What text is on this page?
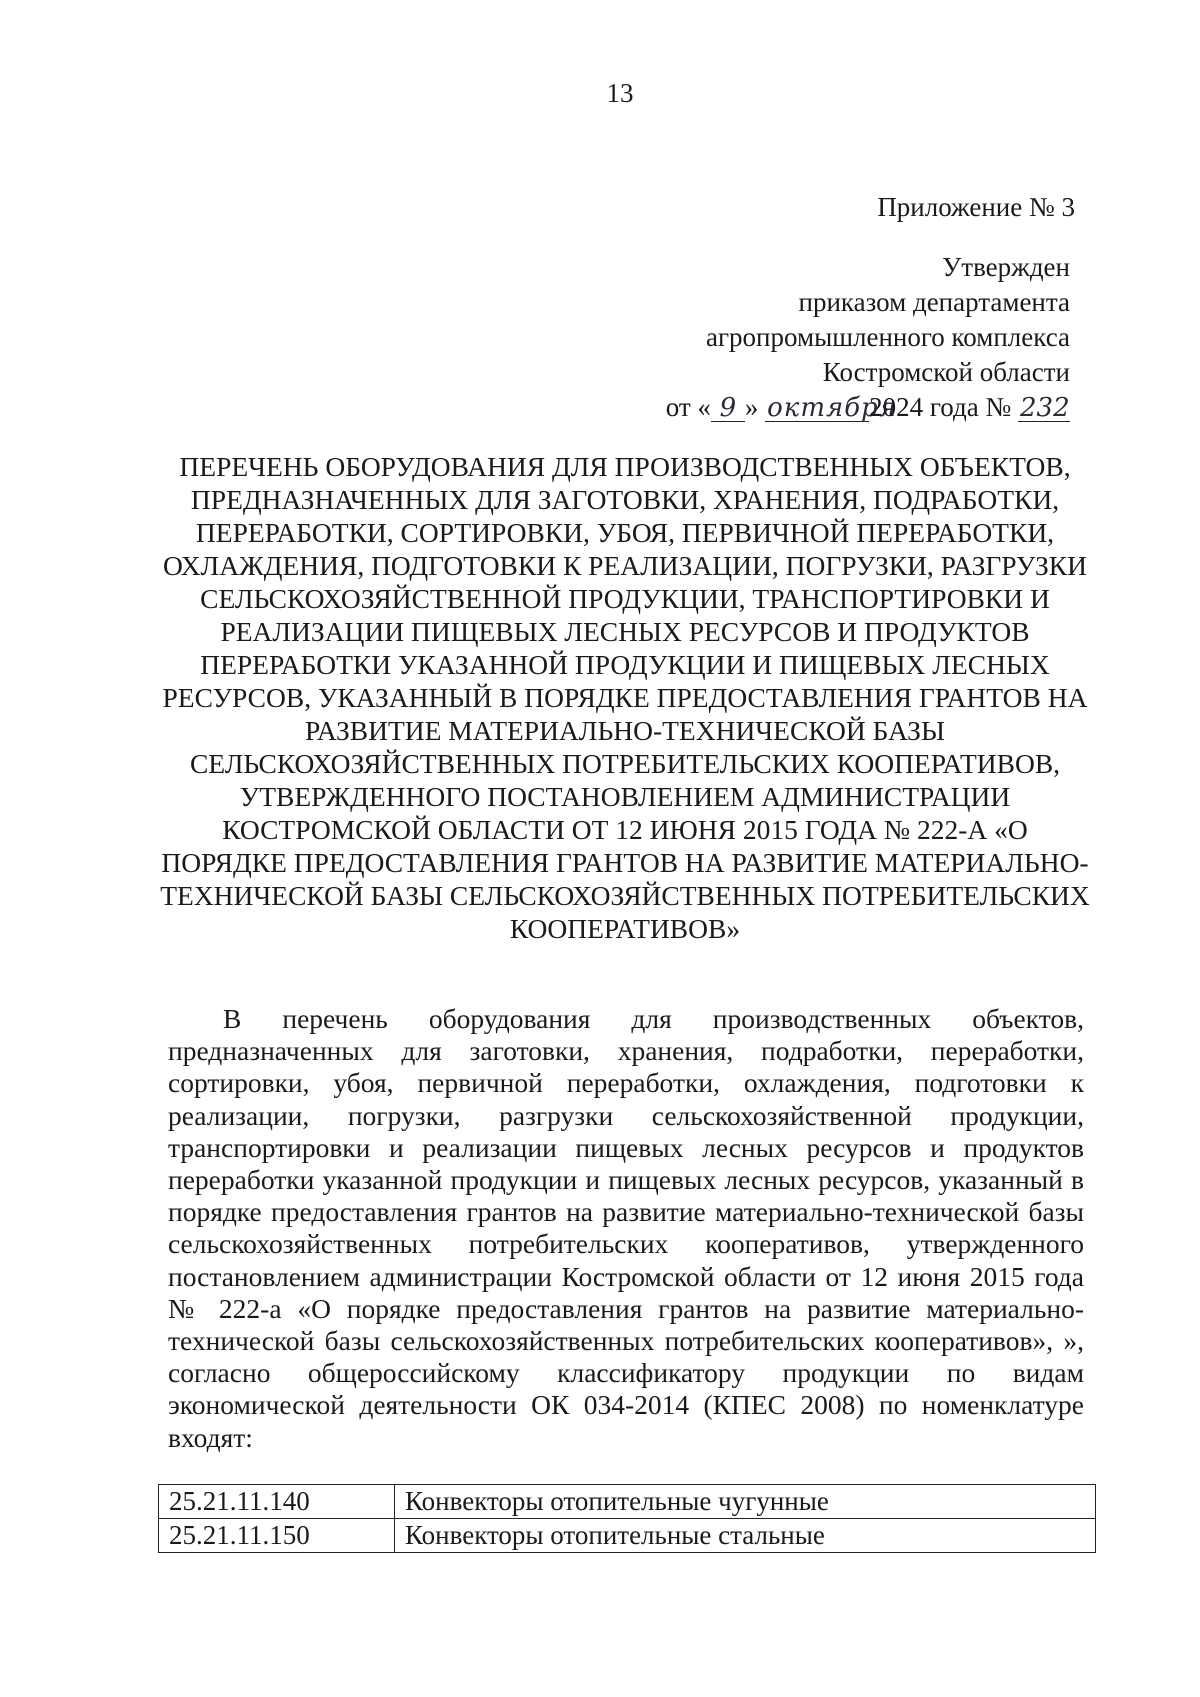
13
Приложение № 3
Утвержден
приказом департамента
агропромышленного комплекса
Костромской области
от « 9 » октября2024 года № 232
ПЕРЕЧЕНЬ ОБОРУДОВАНИЯ ДЛЯ ПРОИЗВОДСТВЕННЫХ ОБЪЕКТОВ, ПРЕДНАЗНАЧЕННЫХ ДЛЯ ЗАГОТОВКИ, ХРАНЕНИЯ, ПОДРАБОТКИ, ПЕРЕРАБОТКИ, СОРТИРОВКИ, УБОЯ, ПЕРВИЧНОЙ ПЕРЕРАБОТКИ, ОХЛАЖДЕНИЯ, ПОДГОТОВКИ К РЕАЛИЗАЦИИ, ПОГРУЗКИ, РАЗГРУЗКИ СЕЛЬСКОХОЗЯЙСТВЕННОЙ ПРОДУКЦИИ, ТРАНСПОРТИРОВКИ И РЕАЛИЗАЦИИ ПИЩЕВЫХ ЛЕСНЫХ РЕСУРСОВ И ПРОДУКТОВ ПЕРЕРАБОТКИ УКАЗАННОЙ ПРОДУКЦИИ И ПИЩЕВЫХ ЛЕСНЫХ РЕСУРСОВ, УКАЗАННЫЙ В ПОРЯДКЕ ПРЕДОСТАВЛЕНИЯ ГРАНТОВ НА РАЗВИТИЕ МАТЕРИАЛЬНО-ТЕХНИЧЕСКОЙ БАЗЫ СЕЛЬСКОХОЗЯЙСТВЕННЫХ ПОТРЕБИТЕЛЬСКИХ КООПЕРАТИВОВ, УТВЕРЖДЕННОГО ПОСТАНОВЛЕНИЕМ АДМИНИСТРАЦИИ КОСТРОМСКОЙ ОБЛАСТИ ОТ 12 ИЮНЯ 2015 ГОДА № 222-А «О ПОРЯДКЕ ПРЕДОСТАВЛЕНИЯ ГРАНТОВ НА РАЗВИТИЕ МАТЕРИАЛЬНО-ТЕХНИЧЕСКОЙ БАЗЫ СЕЛЬСКОХОЗЯЙСТВЕННЫХ ПОТРЕБИТЕЛЬСКИХ КООПЕРАТИВОВ»
В перечень оборудования для производственных объектов, предназначенных для заготовки, хранения, подработки, переработки, сортировки, убоя, первичной переработки, охлаждения, подготовки к реализации, погрузки, разгрузки сельскохозяйственной продукции, транспортировки и реализации пищевых лесных ресурсов и продуктов переработки указанной продукции и пищевых лесных ресурсов, указанный в порядке предоставления грантов на развитие материально-технической базы сельскохозяйственных потребительских кооперативов, утвержденного постановлением администрации Костромской области от 12 июня 2015 года № 222-а «О порядке предоставления грантов на развитие материально-технической базы сельскохозяйственных потребительских кооперативов», », согласно общероссийскому классификатору продукции по видам экономической деятельности ОК 034-2014 (КПЕС 2008) по номенклатуре входят:
25.21.11.140	Конвекторы отопительные чугунные
25.21.11.150	Конвекторы отопительные стальные
